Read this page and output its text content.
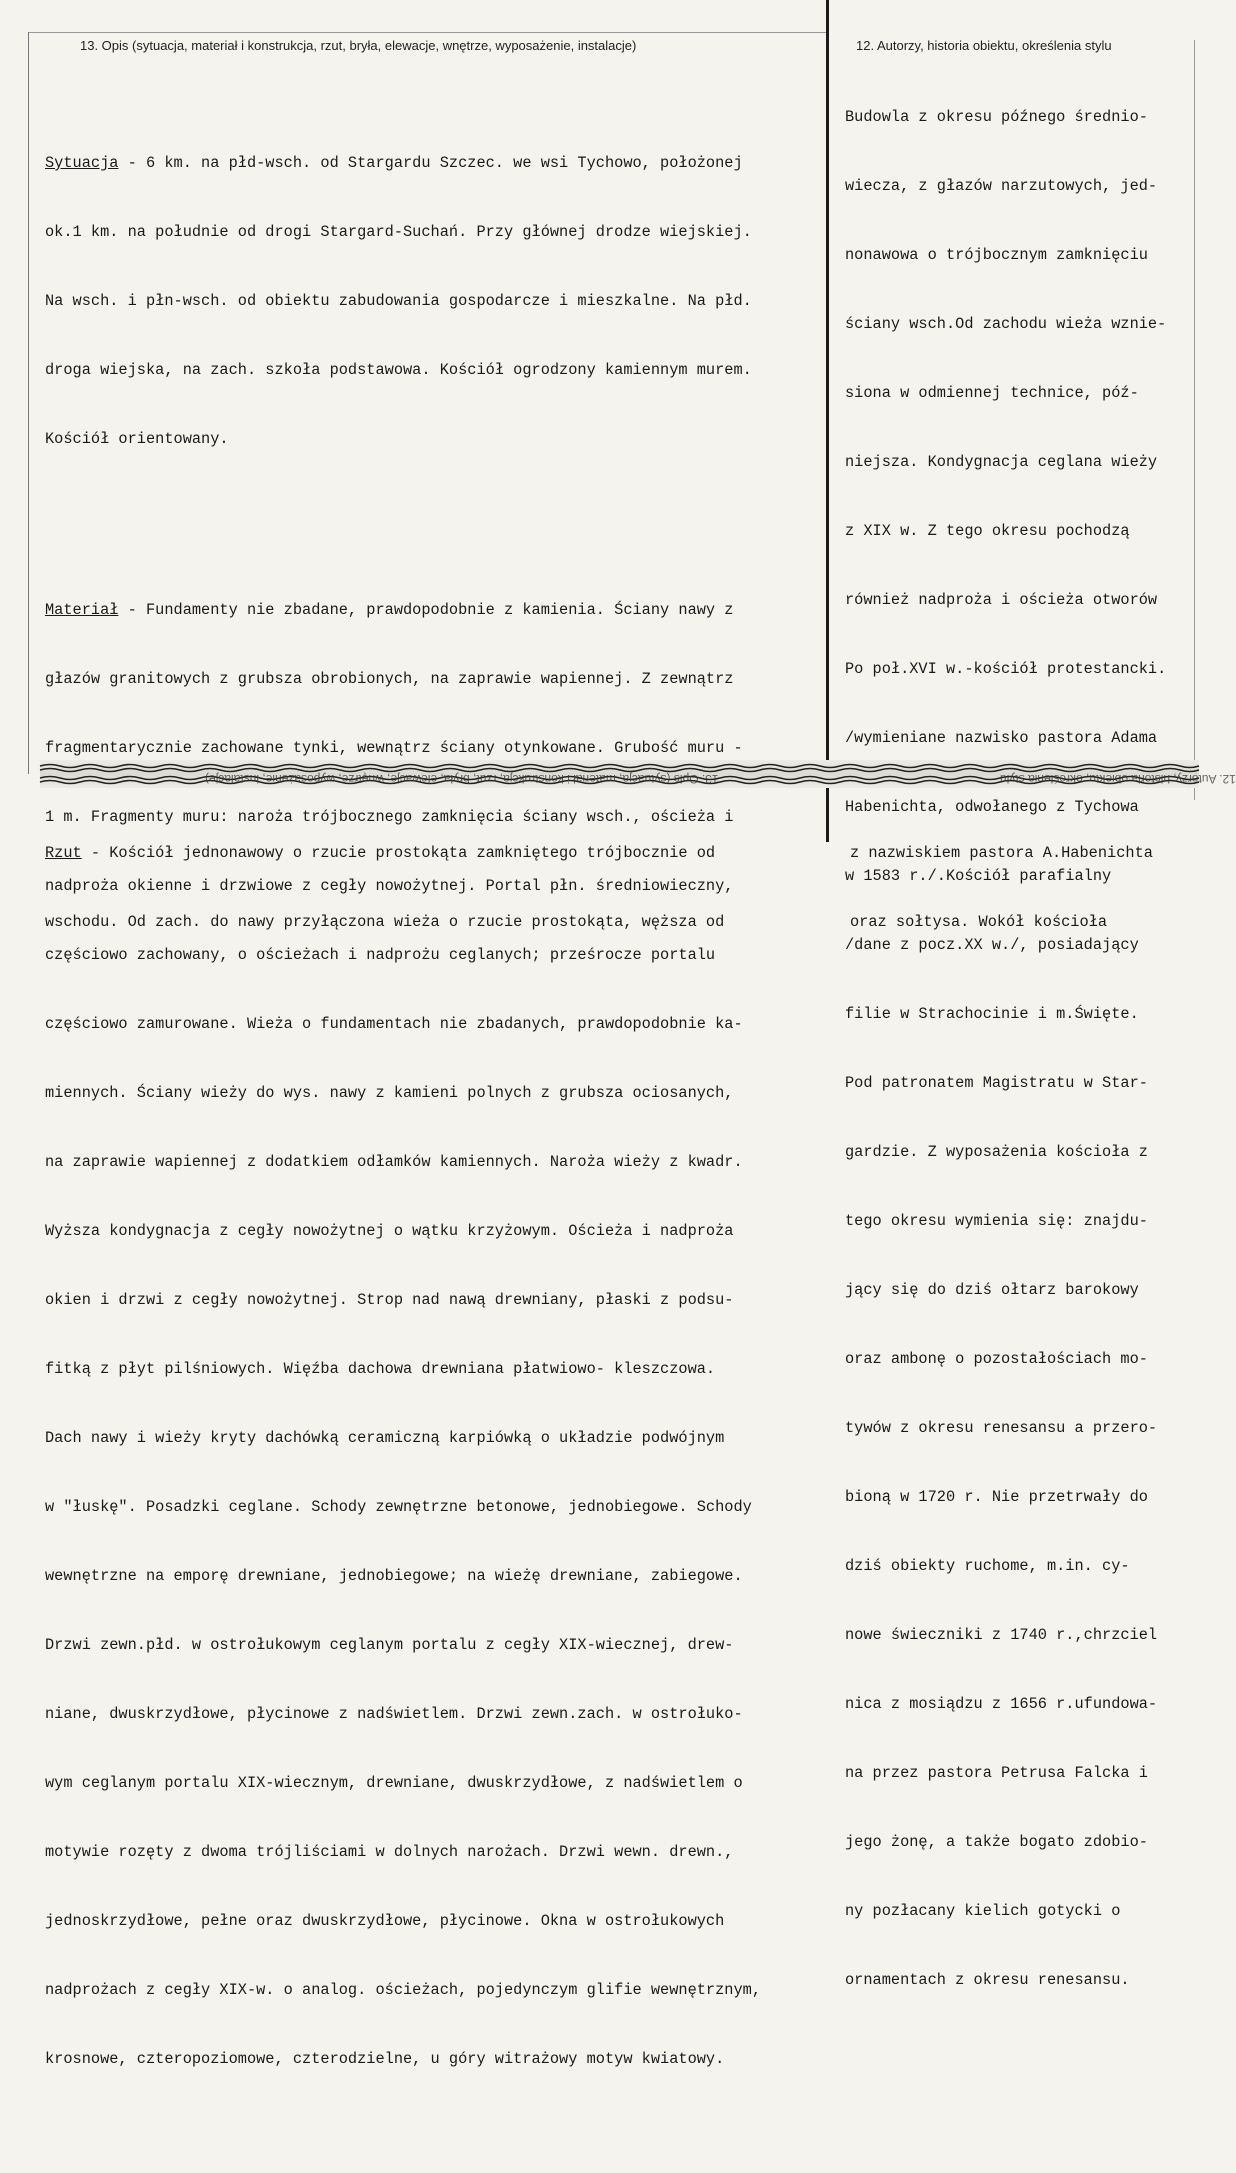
13. Opis (sytuacja, materiał i konstrukcja, rzut, bryła, elewacje, wnętrze, wyposażenie, instalacje)	12. Autorzy, historia obiektu, określenia stylu

Sytuacja - 6 km. na płd-wsch. od Stargardu Szczec. we wsi Tychowo, położonej

ok.1 km. na południe od drogi Stargard-Suchań. Przy głównej drodze wiejskiej.

Na wsch. i płn-wsch. od obiektu zabudowania gospodarcze i mieszkalne. Na płd.

droga wiejska, na zach. szkoła podstawowa. Kościół ogrodzony kamiennym murem.

Kościół orientowany.

Materiał - Fundamenty nie zbadane, prawdopodobnie z kamienia. Ściany nawy z

głazów granitowych z grubsza obrobionych, na zaprawie wapiennej. Z zewnątrz

fragmentarycznie zachowane tynki, wewnątrz ściany otynkowane. Grubość muru -

1 m. Fragmenty muru: naroża trójbocznego zamknięcia ściany wsch., ościeża i

nadproża okienne i drzwiowe z cegły nowożytnej. Portal płn. średniowieczny,

częściowo zachowany, o ościeżach i nadprożu ceglanych; prześrocze portalu

częściowo zamurowane. Wieża o fundamentach nie zbadanych, prawdopodobnie ka-

miennych. Ściany wieży do wys. nawy z kamieni polnych z grubsza ociosanych,

na zaprawie wapiennej z dodatkiem odłamków kamiennych. Naroża wieży z kwadr.

Wyższa kondygnacja z cegły nowożytnej o wątku krzyżowym. Ościeża i nadproża

okien i drzwi z cegły nowożytnej. Strop nad nawą drewniany, płaski z podsu-

fitką z płyt pilśniowych. Więźba dachowa drewniana płatwiowo- kleszczowa.

Dach nawy i wieży kryty dachówką ceramiczną karpiówką o układzie podwójnym

w "łuskę". Posadzki ceglane. Schody zewnętrzne betonowe, jednobiegowe. Schody

wewnętrzne na emporę drewniane, jednobiegowe; na wieżę drewniane, zabiegowe.

Drzwi zewn.płd. w ostrołukowym ceglanym portalu z cegły XIX-wiecznej, drew-

niane, dwuskrzydłowe, płycinowe z nadświetlem. Drzwi zewn.zach. w ostrołuko-

wym ceglanym portalu XIX-wiecznym, drewniane, dwuskrzydłowe, z nadświetlem o

motywie rozęty z dwoma trójliściami w dolnych narożach. Drzwi wewn. drewn.,

jednoskrzydłowe, pełne oraz dwuskrzydłowe, płycinowe. Okna w ostrołukowych

nadprożach z cegły XIX-w. o analog. ościeżach, pojedynczym glifie wewnętrznym,

krosnowe, czteropoziomowe, czterodzielne, u góry witrażowy motyw kwiatowy.

Budowla z okresu późnego średnio-

wiecza, z głazów narzutowych, jed-

nonawowa o trójbocznym zamknięciu

ściany wsch.Od zachodu wieża wznie-

siona w odmiennej technice, póź-

niejsza. Kondygnacja ceglana wieży

z XIX w. Z tego okresu pochodzą

również nadproża i ościeża otworów

Po poł.XVI w.-kościół protestancki.

/wymieniane nazwisko pastora Adama

Habenichta, odwołanego z Tychowa

w 1583 r./.Kościół parafialny

/dane z pocz.XX w./, posiadający

filie w Strachocinie i m.Święte.

Pod patronatem Magistratu w Star-

gardzie. Z wyposażenia kościoła z

tego okresu wymienia się: znajdu-

jący się do dziś ołtarz barokowy

oraz ambonę o pozostałościach mo-

tywów z okresu renesansu a przero-

bioną w 1720 r. Nie przetrwały do

dziś obiekty ruchome, m.in. cy-

nowe świeczniki z 1740 r.,chrzciel

nica z mosiądzu z 1656 r.ufundowa-

na przez pastora Petrusa Falcka i

jego żonę, a także bogato zdobio-

ny pozłacany kielich gotycki o

ornamentach z okresu renesansu.

13. Opis (sytuacja, materiał i konstrukcja, rzut, bryła, elewacje, wnętrze, wyposażenie, instalacje)	12. Autorzy, historia obiektu, określenia stylu

Rzut - Kościół jednonawowy o rzucie prostokąta zamkniętego trójbocznie od

wschodu. Od zach. do nawy przyłączona wieża o rzucie prostokąta, węższa od

z nazwiskiem pastora A.Habenichta

oraz sołtysa. Wokół kościoła
